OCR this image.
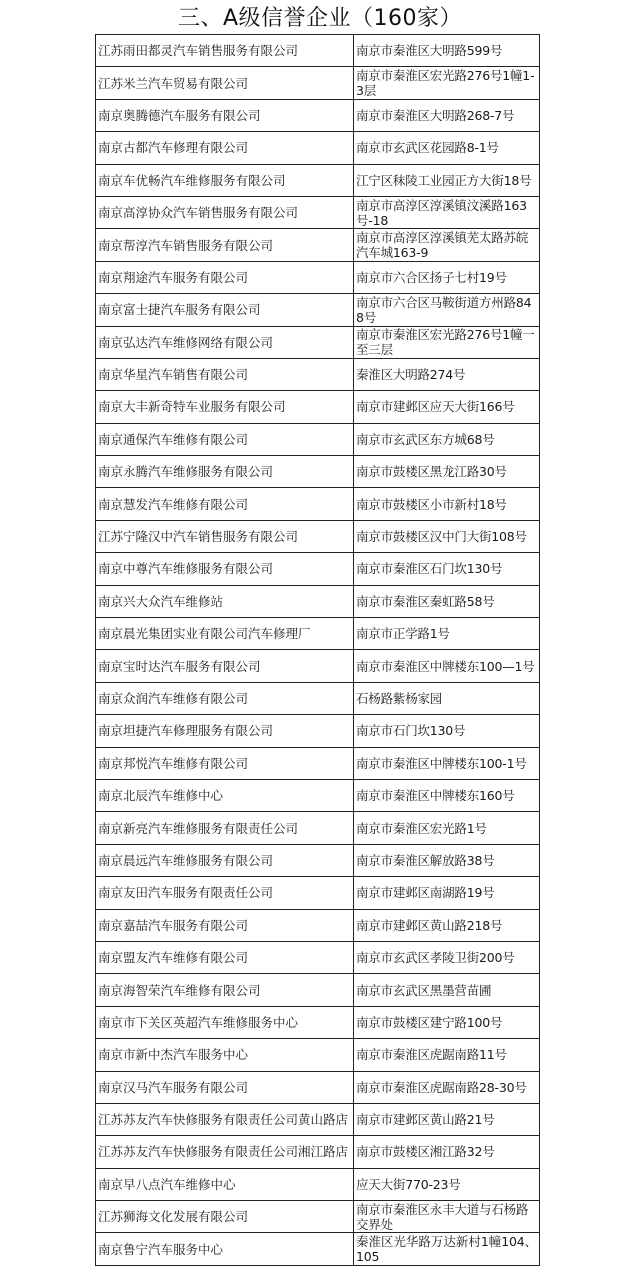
三、A级信誉企业（160家）
江苏雨田都灵汽车销售服务有限公司	南京市秦淮区大明路599号
江苏米兰汽车贸易有限公司	南京市秦淮区宏光路276号1幢1-3层
南京奥腾德汽车服务有限公司	南京市秦淮区大明路268-7号
南京古都汽车修理有限公司	南京市玄武区花园路8-1号
南京车优畅汽车维修服务有限公司	江宁区秣陵工业园正方大街18号
南京高淳协众汽车销售服务有限公司	南京市高淳区淳溪镇汶溪路163号-18
南京帮淳汽车销售服务有限公司	南京市高淳区淳溪镇芜太路苏皖汽车城163-9
南京翔途汽车服务有限公司	南京市六合区扬子七村19号
南京富士捷汽车服务有限公司	南京市六合区马鞍街道方州路848号
南京弘达汽车维修网络有限公司	南京市秦淮区宏光路276号1幢一至三层
南京华星汽车销售有限公司	秦淮区大明路274号
南京大丰新奇特车业服务有限公司	南京市建邺区应天大街166号
南京通保汽车维修有限公司	南京市玄武区东方城68号
南京永腾汽车维修服务有限公司	南京市鼓楼区黑龙江路30号
南京慧发汽车维修有限公司	南京市鼓楼区小市新村18号
江苏宁隆汉中汽车销售服务有限公司	南京市鼓楼区汉中门大街108号
南京中尊汽车维修服务有限公司	南京市秦淮区石门坎130号
南京兴大众汽车维修站	南京市秦淮区秦虹路58号
南京晨光集团实业有限公司汽车修理厂	南京市正学路1号
南京宝时达汽车服务有限公司	南京市秦淮区中牌楼东100—1号
南京众润汽车维修有限公司	石杨路紫杨家园
南京坦捷汽车修理服务有限公司	南京市石门坎130号
南京邦悦汽车维修有限公司	南京市秦淮区中牌楼东100-1号
南京北辰汽车维修中心	南京市秦淮区中牌楼东160号
南京新亮汽车维修服务有限责任公司	南京市秦淮区宏光路1号
南京晨远汽车维修服务有限公司	南京市秦淮区解放路38号
南京友田汽车服务有限责任公司	南京市建邺区南湖路19号
南京嘉喆汽车服务有限公司	南京市建邺区黄山路218号
南京盟友汽车维修有限公司	南京市玄武区孝陵卫街200号
南京海智荣汽车维修有限公司	南京市玄武区黑墨营苗圃
南京市下关区英超汽车维修服务中心	南京市鼓楼区建宁路100号
南京市新中杰汽车服务中心	南京市秦淮区虎踞南路11号
南京汉马汽车服务有限公司	南京市秦淮区虎踞南路28-30号
江苏苏友汽车快修服务有限责任公司黄山路店	南京市建邺区黄山路21号
江苏苏友汽车快修服务有限责任公司湘江路店	南京市鼓楼区湘江路32号
南京早八点汽车维修中心	应天大街770-23号
江苏狮海文化发展有限公司	南京市秦淮区永丰大道与石杨路交界处
南京鲁宁汽车服务中心	秦淮区光华路万达新村1幢104、105
